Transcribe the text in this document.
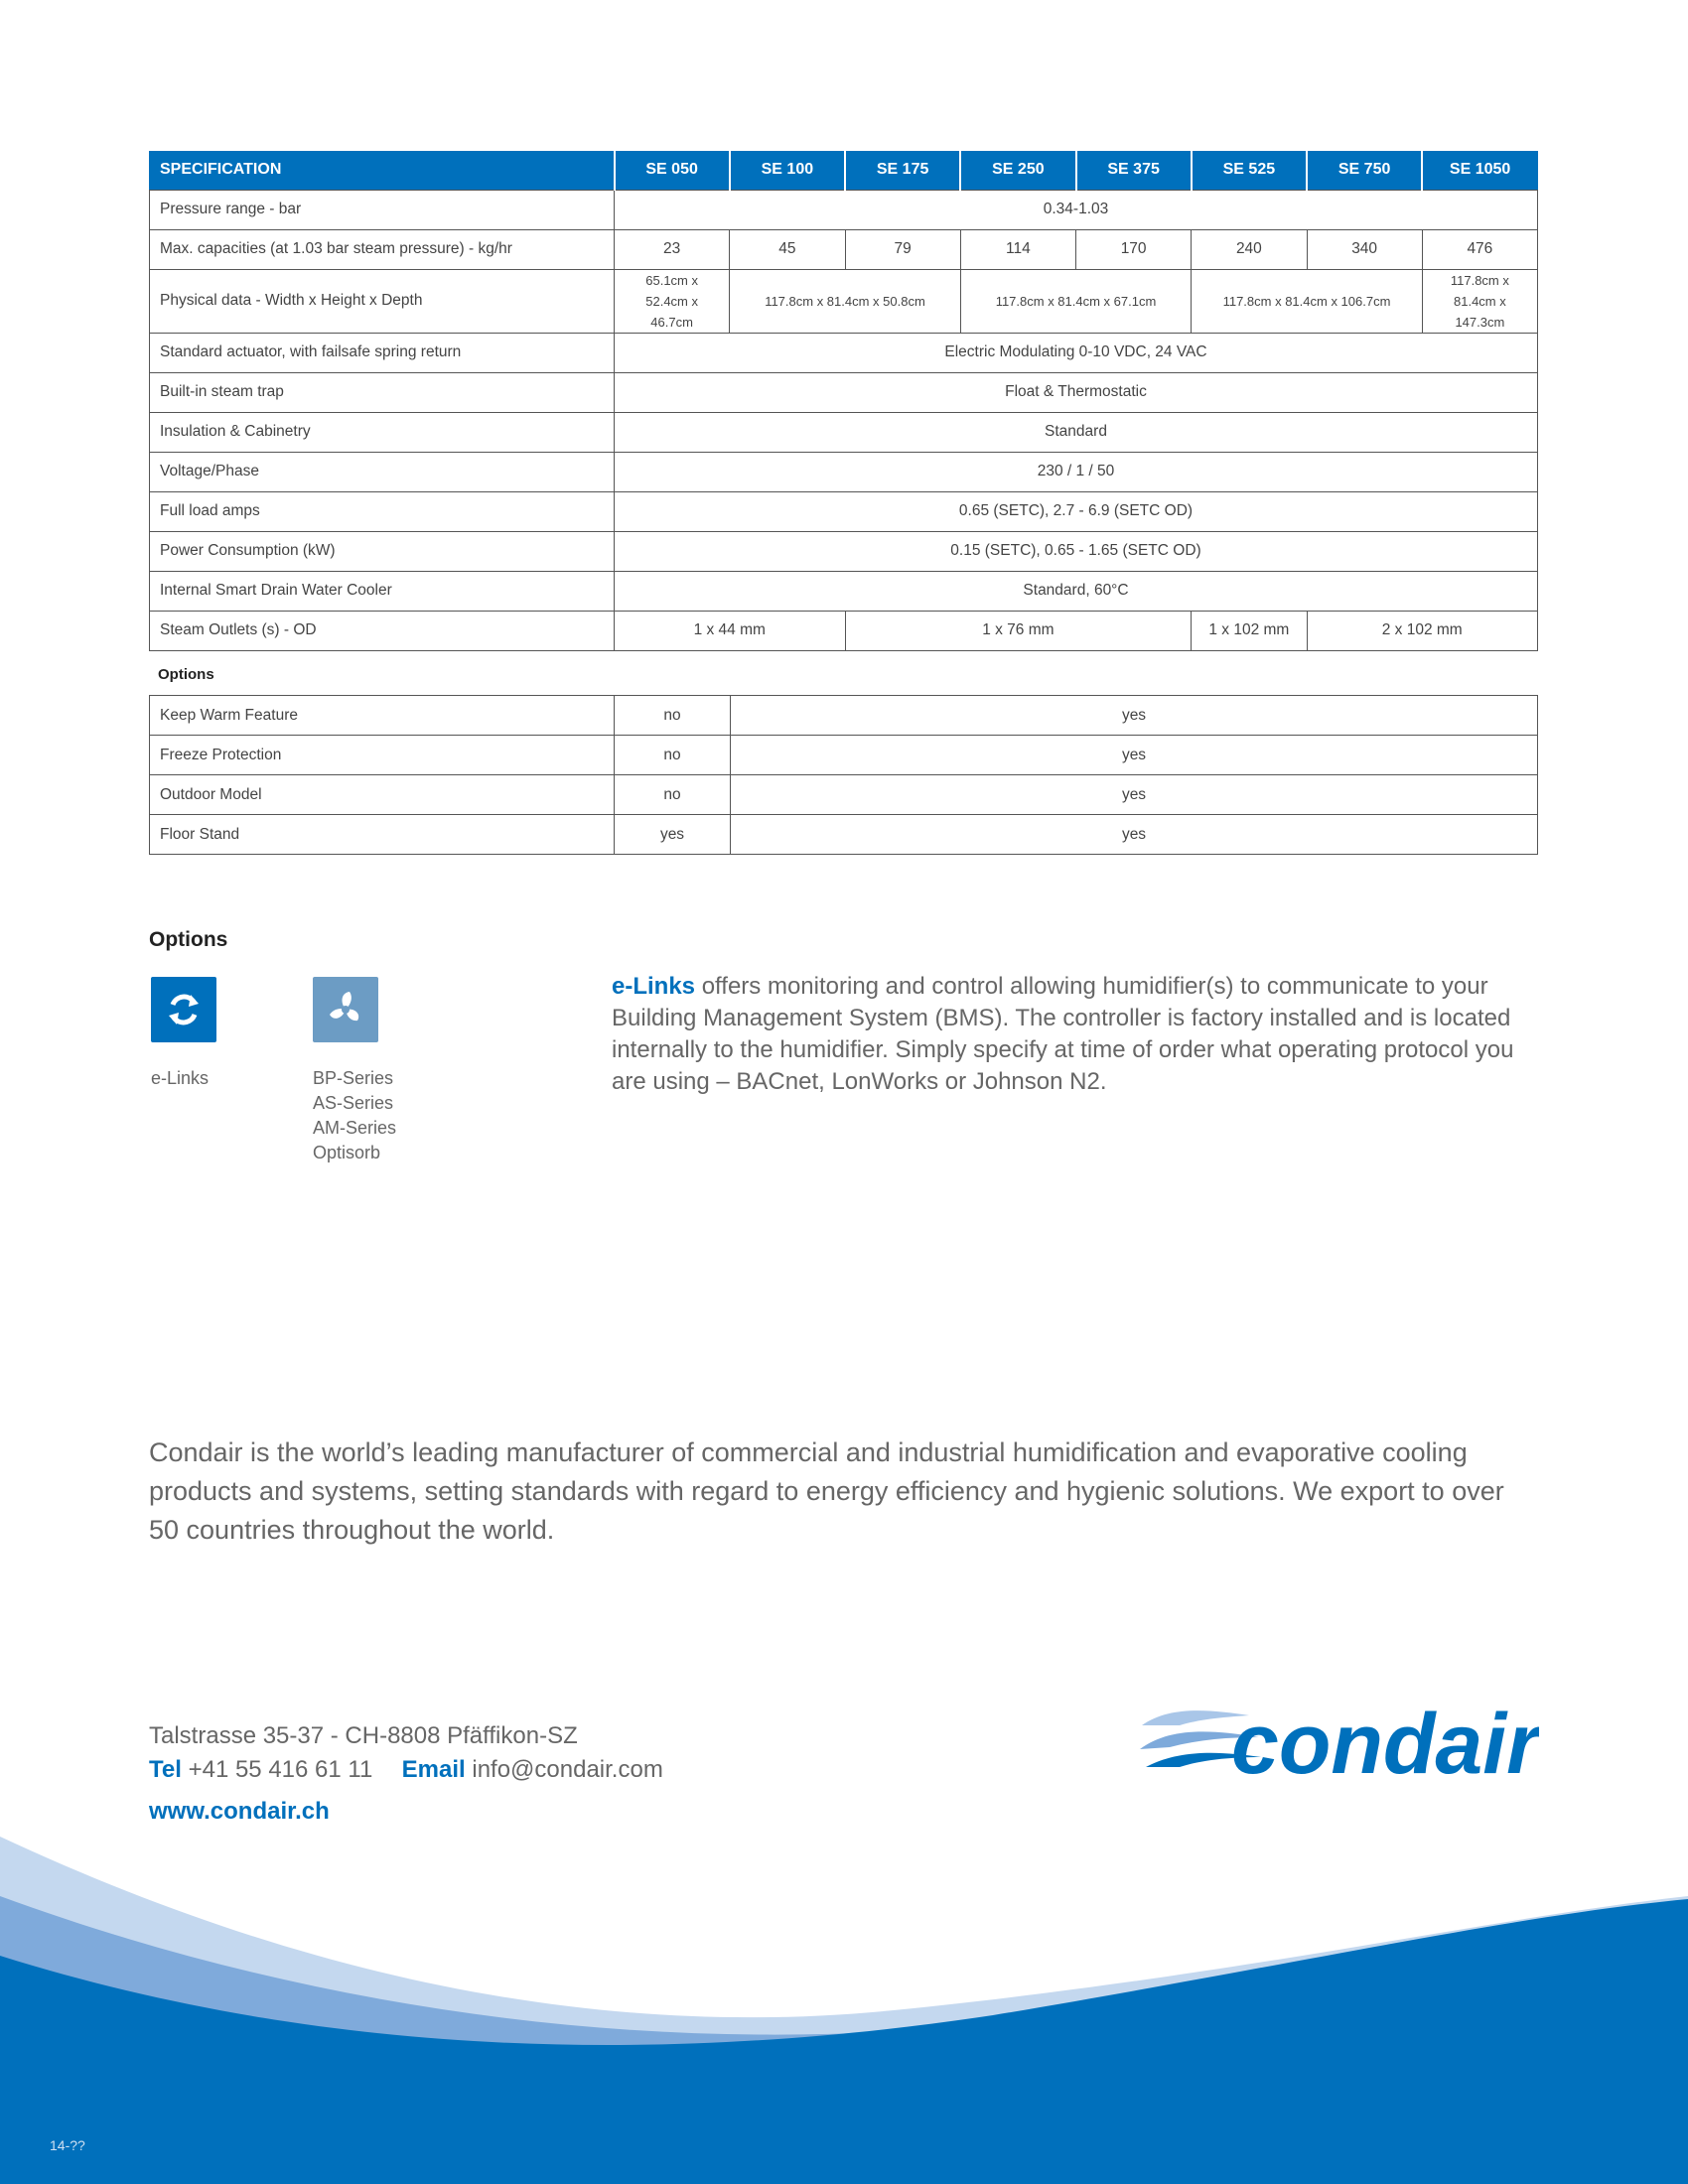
SPECIFICATION	SE 050	SE 100	SE 175	SE 250	SE 375	SE 525	SE 750	SE 1050
Pressure range - bar	0.34-1.03							
Max. capacities (at 1.03 bar steam pressure) - kg/hr	23	45	79	114	170	240	340	476
Physical data - Width x Height x Depth	65.1cm x 52.4cm x 46.7cm	117.8cm x 81.4cm x 50.8cm		117.8cm x 81.4cm x 67.1cm		117.8cm x 81.4cm x 106.7cm		117.8cm x 81.4cm x 147.3cm
Standard actuator, with failsafe spring return	Electric Modulating 0-10 VDC, 24 VAC							
Built-in steam trap	Float & Thermostatic							
Insulation & Cabinetry	Standard							
Voltage/Phase	230 / 1 / 50							
Full load amps	0.65 (SETC), 2.7 - 6.9 (SETC OD)							
Power Consumption (kW)	0.15 (SETC), 0.65 - 1.65 (SETC OD)							
Internal Smart Drain Water Cooler	Standard, 60°C							
Steam Outlets (s) - OD	1 x 44 mm		1 x 76 mm			1 x 102 mm	2 x 102 mm	
Options
Keep Warm Feature	no	yes
Freeze Protection	no	yes
Outdoor Model	no	yes
Floor Stand	yes	yes
Options
e-Links	BP-Series
AS-Series
AM-Series
Optisorb
e-Links offers monitoring and control allowing humidifier(s) to communicate to your Building Management System (BMS). The controller is factory installed and is located internally to the humidifier. Simply specify at time of order what operating protocol you are using – BACnet, LonWorks or Johnson N2.
Condair is the world’s leading manufacturer of commercial and industrial humidification and evaporative cooling products and systems, setting standards with regard to energy efficiency and hygienic solutions. We export to over 50 countries throughout the world.
Talstrasse 35-37 - CH-8808 Pfäffikon-SZ
Tel +41 55 416 61 11 Email info@condair.com
www.condair.ch
condair
14-??
